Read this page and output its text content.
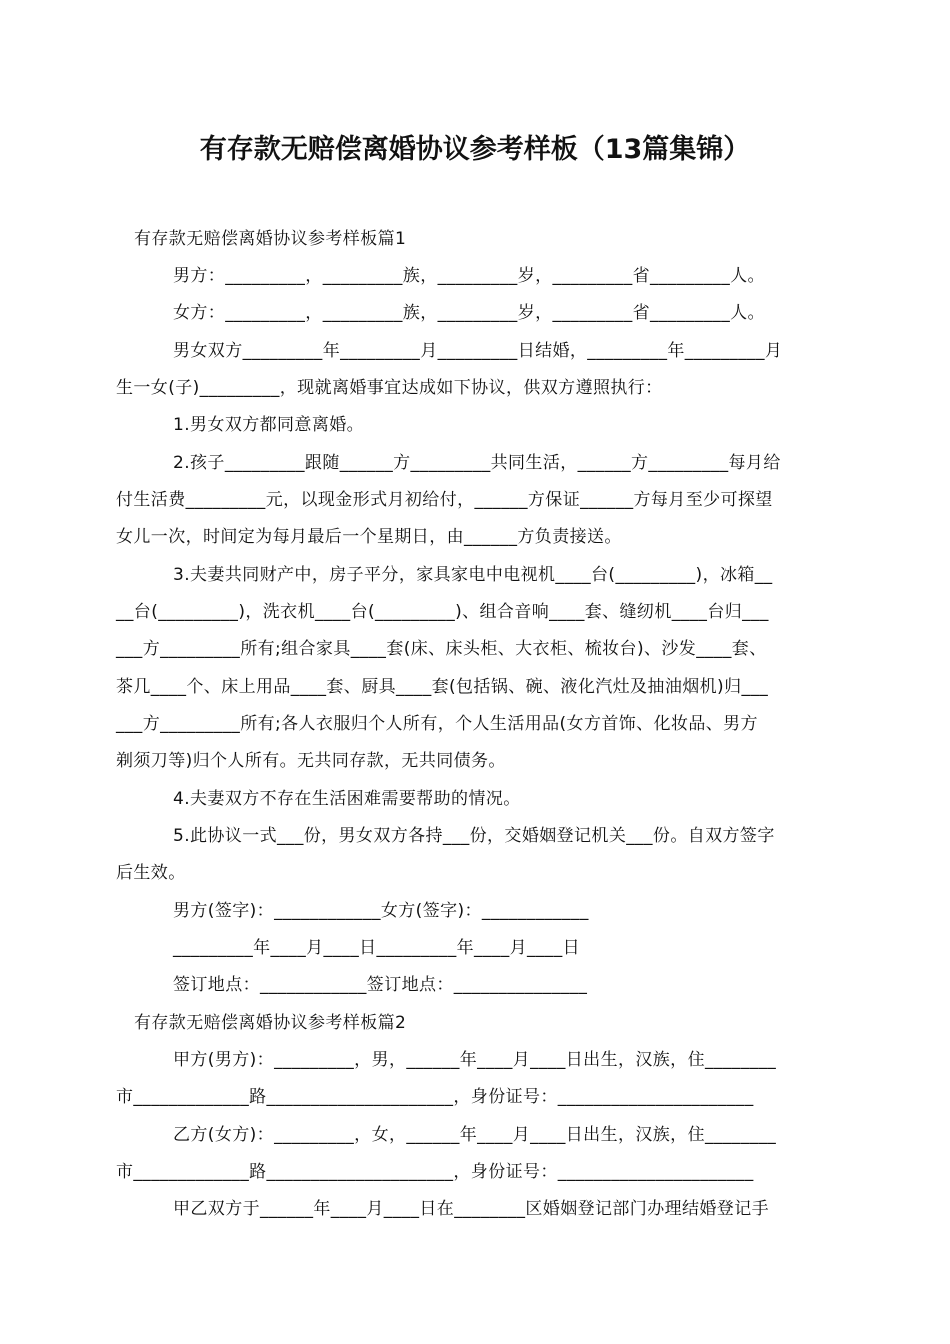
有存款无赔偿离婚协议参考样板（13篇集锦）
有存款无赔偿离婚协议参考样板篇1
男方：_________，_________族，_________岁，_________省_________人。
女方：_________，_________族，_________岁，_________省_________人。
男女双方_________年_________月_________日结婚，_________年_________月
生一女(子)_________，现就离婚事宜达成如下协议，供双方遵照执行：
1.男女双方都同意离婚。
2.孩子_________跟随______方_________共同生活，______方_________每月给
付生活费_________元，以现金形式月初给付，______方保证______方每月至少可探望
女儿一次，时间定为每月最后一个星期日，由______方负责接送。
3.夫妻共同财产中，房子平分，家具家电中电视机____台(_________)，冰箱__
__台(_________)，洗衣机____台(_________)、组合音响____套、缝纫机____台归___
___方_________所有;组合家具____套(床、床头柜、大衣柜、梳妆台)、沙发____套、
茶几____个、床上用品____套、厨具____套(包括锅、碗、液化汽灶及抽油烟机)归___
___方_________所有;各人衣服归个人所有，个人生活用品(女方首饰、化妆品、男方
剃须刀等)归个人所有。无共同存款，无共同债务。
4.夫妻双方不存在生活困难需要帮助的情况。
5.此协议一式___份，男女双方各持___份，交婚姻登记机关___份。自双方签字
后生效。
男方(签字)：____________女方(签字)：____________
_________年____月____日_________年____月____日
签订地点：____________签订地点：_______________
有存款无赔偿离婚协议参考样板篇2
甲方(男方)：_________，男，______年____月____日出生，汉族，住________
市_____________路_____________________，身份证号：______________________
乙方(女方)：_________，女，______年____月____日出生，汉族，住________
市_____________路_____________________，身份证号：______________________
甲乙双方于______年____月____日在________区婚姻登记部门办理结婚登记手
